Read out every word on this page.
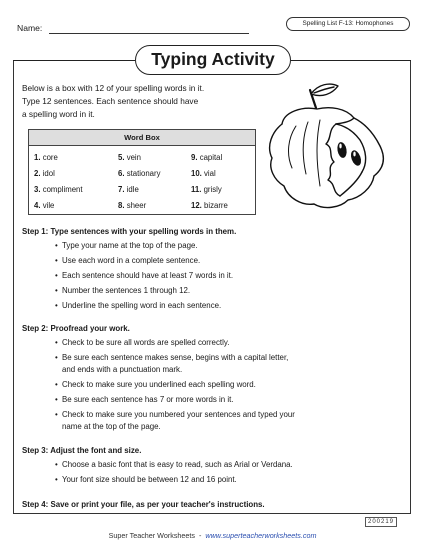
Name:	Spelling List F-13: Homophones
Typing Activity
Below is a box with 12 of your spelling words in it.
Type 12 sentences. Each sentence should have
a spelling word in it.
Word Box
1. core
2. idol
3. compliment
4. vile
5. vein
6. stationary
7. idle
8. sheer
9. capital
10. vial
11. grisly
12. bizarre
Step 1: Type sentences with your spelling words in them.
• Type your name at the top of the page.
• Use each word in a complete sentence.
• Each sentence should have at least 7 words in it.
• Number the sentences 1 through 12.
• Underline the spelling word in each sentence.
Step 2: Proofread your work.
• Check to be sure all words are spelled correctly.
• Be sure each sentence makes sense, begins with a capital letter,
and ends with a punctuation mark.
• Check to make sure you underlined each spelling word.
• Be sure each sentence has 7 or more words in it.
• Check to make sure you numbered your sentences and typed your
name at the top of the page.
Step 3: Adjust the font and size.
• Choose a basic font that is easy to read, such as Arial or Verdana.
• Your font size should be between 12 and 16 point.
Step 4: Save or print your file, as per your teacher's instructions.
200219
Super Teacher Worksheets  -  www.superteacherworksheets.com
